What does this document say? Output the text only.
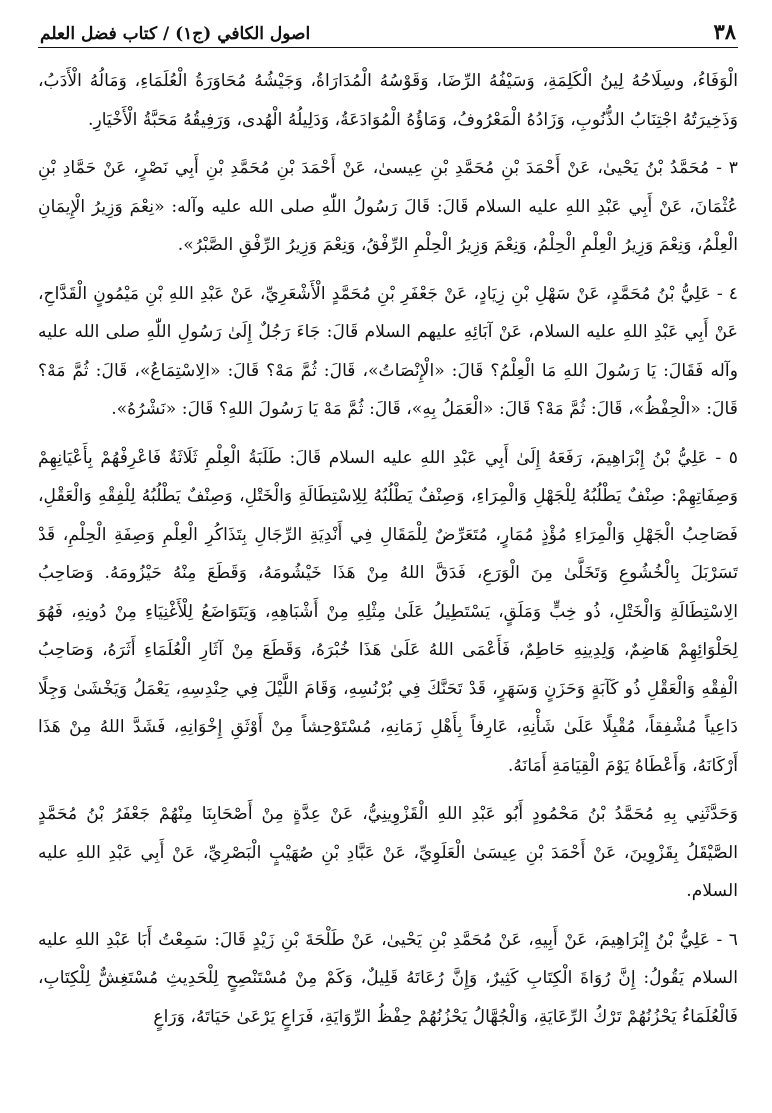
٣٨
اصول الكافي (ج١) / كتاب فضل العلم

الْوَفَاءُ، وسِلَاحُهُ لِينُ الْكَلِمَةِ، وَسَيْفُهُ الرِّضَا، وَقَوْسُهُ الْمُدَارَاةُ، وَجَيْشُهُ مُحَاوَرَةُ الْعُلَمَاءِ، وَمَالُهُ الْأَدَبُ، وَذَخِيرَتُهُ اجْتِنَابُ الذُّنُوبِ، وَزَادُهُ الْمَعْرُوفُ، وَمَاؤُهُ الْمُوَادَعَةُ، وَدَلِيلُهُ الْهُدى، وَرَفِيقُهُ مَحَبَّةُ الْأَخْيَارِ.

٣ - مُحَمَّدُ بْنُ يَحْيىٰ، عَنْ أَحْمَدَ بْنِ مُحَمَّدِ بْنِ عِيسىٰ، عَنْ أَحْمَدَ بْنِ مُحَمَّدِ بْنِ أَبِي نَصْرٍ، عَنْ حَمَّادِ بْنِ عُثْمَانَ، عَنْ أَبِي عَبْدِ اللهِ عليه السلام قَالَ: قَالَ رَسُولُ اللّٰهِ صلى الله عليه وآله: «نِعْمَ وَزِيرُ الْإِيمَانِ الْعِلْمُ، وَنِعْمَ وَزِيرُ الْعِلْمِ الْحِلْمُ، وَنِعْمَ وَزِيرُ الْحِلْمِ الرِّفْقُ، وَنِعْمَ وَزِيرُ الرِّفْقِ الصَّبْرُ».

٤ - عَلِيُّ بْنُ مُحَمَّدٍ، عَنْ سَهْلِ بْنِ زِيَادٍ، عَنْ جَعْفَرِ بْنِ مُحَمَّدٍ الْأَشْعَرِيِّ، عَنْ عَبْدِ اللهِ بْنِ مَيْمُونٍ الْقَدَّاحِ، عَنْ أَبِي عَبْدِ اللهِ عليه السلام، عَنْ آبَائِهِ عليهم السلام قَالَ: جَاءَ رَجُلٌ إِلَىٰ رَسُولِ اللّٰهِ صلى الله عليه وآله فَقَالَ: يَا رَسُولَ اللهِ مَا الْعِلْمُ؟ قَالَ: «الْإِنْصَاتُ»، قَالَ: ثُمَّ مَهْ؟ قَالَ: «الِاسْتِمَاعُ»، قَالَ: ثُمَّ مَهْ؟ قَالَ: «الْحِفْظُ»، قَالَ: ثُمَّ مَهْ؟ قَالَ: «الْعَمَلُ بِهِ»، قَالَ: ثُمَّ مَهْ يَا رَسُولَ اللهِ؟ قَالَ: «نَشْرُهُ».

٥ - عَلِيُّ بْنُ إِبْرَاهِيمَ، رَفَعَهُ إِلَىٰ أَبِي عَبْدِ اللهِ عليه السلام قَالَ: طَلَبَةُ الْعِلْمِ ثَلَاثَةٌ فَاعْرِفْهُمْ بِأَعْيَانِهِمْ وَصِفَاتِهِمْ: صِنْفٌ يَطْلُبُهُ لِلْجَهْلِ وَالْمِرَاءِ، وَصِنْفٌ يَطْلُبُهُ لِلِاسْتِطَالَةِ وَالْخَتْلِ، وَصِنْفٌ يَطْلُبُهُ لِلْفِقْهِ وَالْعَقْلِ، فَصَاحِبُ الْجَهْلِ وَالْمِرَاءِ مُؤْذٍ مُمَارٍ، مُتَعَرِّضٌ لِلْمَقَالِ فِي أَنْدِيَةِ الرِّجَالِ بِتَذَاكُرِ الْعِلْمِ وَصِفَةِ الْحِلْمِ، قَدْ تَسَرْبَلَ بِالْخُشُوعِ وَتَخَلَّىٰ مِنَ الْوَرَعِ، فَدَقَّ اللهُ مِنْ هَذَا خَيْشُومَهُ، وَقَطَعَ مِنْهُ حَيْزُومَهُ. وَصَاحِبُ الِاسْتِطَالَةِ وَالْخَتْلِ، ذُو خِبٍّ وَمَلَقٍ، يَسْتَطِيلُ عَلَىٰ مِثْلِهِ مِنْ أَشْبَاهِهِ، وَيَتَوَاضَعُ لِلْأَغْنِيَاءِ مِنْ دُونِهِ، فَهُوَ لِحَلْوَائِهِمْ هَاضِمٌ، وَلِدِينِهِ حَاطِمٌ، فَأَعْمَى اللهُ عَلَىٰ هَذَا خُبْرَهُ، وَقَطَعَ مِنْ آثَارِ الْعُلَمَاءِ أَثَرَهُ، وَصَاحِبُ الْفِقْهِ وَالْعَقْلِ ذُو كَآبَةٍ وَحَزَنٍ وَسَهَرٍ، قَدْ تَحَنَّكَ فِي بُرْنُسِهِ، وَقَامَ اللَّيْلَ فِي حِنْدِسِهِ، يَعْمَلُ وَيَخْشَىٰ وَجِلًا دَاعِياً مُشْفِقاً، مُقْبِلًا عَلَىٰ شَأْنِهِ، عَارِفاً بِأَهْلِ زَمَانِهِ، مُسْتَوْحِشاً مِنْ أَوْثَقِ إِخْوَانِهِ، فَشَدَّ اللهُ مِنْ هَذَا أَرْكَانَهُ، وَأَعْطَاهُ يَوْمَ الْقِيَامَةِ أَمَانَهُ.

وَحَدَّثَنِي بِهِ مُحَمَّدُ بْنُ مَحْمُودٍ أَبُو عَبْدِ اللهِ الْقَزْوِينِيُّ، عَنْ عِدَّةٍ مِنْ أَصْحَابِنَا مِنْهُمْ جَعْفَرُ بْنُ مُحَمَّدٍ الصَّيْقَلُ بِقَزْوِينَ، عَنْ أَحْمَدَ بْنِ عِيسَىٰ الْعَلَوِيِّ، عَنْ عَبَّادِ بْنِ صُهَيْبٍ الْبَصْرِيِّ، عَنْ أَبِي عَبْدِ اللهِ عليه السلام.

٦ - عَلِيُّ بْنُ إِبْرَاهِيمَ، عَنْ أَبِيهِ، عَنْ مُحَمَّدِ بْنِ يَحْيىٰ، عَنْ طَلْحَةَ بْنِ زَيْدٍ قَالَ: سَمِعْتُ أَبَا عَبْدِ اللهِ عليه السلام يَقُولُ: إِنَّ رُوَاةَ الْكِتَابِ كَثِيرٌ، وَإِنَّ رُعَاتَهُ قَلِيلٌ، وَكَمْ مِنْ مُسْتَنْصِحٍ لِلْحَدِيثِ مُسْتَغِشٌّ لِلْكِتَابِ، فَالْعُلَمَاءُ يَحْزُنُهُمْ تَرْكُ الرِّعَايَةِ، وَالْجُهَّالُ يَحْزُنُهُمْ حِفْظُ الرِّوَايَةِ، فَرَاعٍ يَرْعَىٰ حَيَاتَهُ، وَرَاعٍ
